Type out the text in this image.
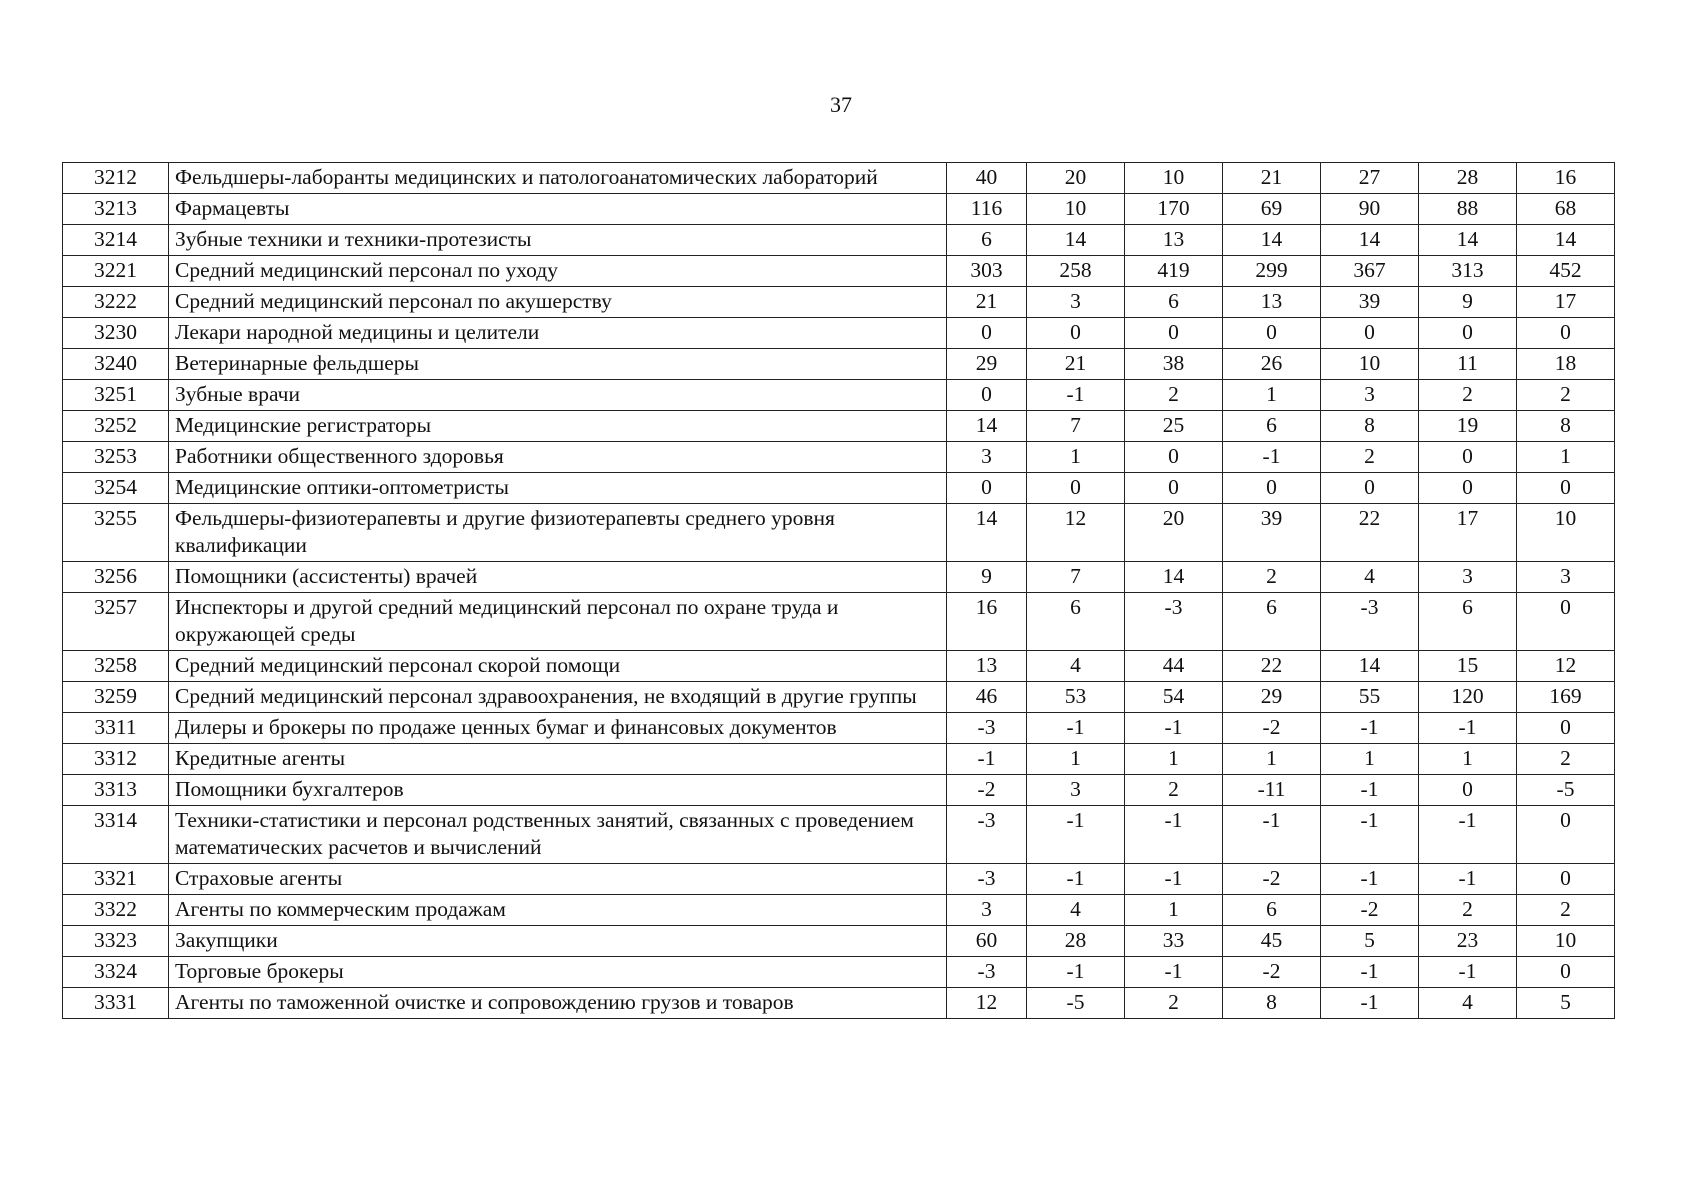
37
3212	Фельдшеры-лаборанты медицинских и патологоанатомических лабораторий	40	20	10	21	27	28	16
3213	Фармацевты	116	10	170	69	90	88	68
3214	Зубные техники и техники-протезисты	6	14	13	14	14	14	14
3221	Средний медицинский персонал по уходу	303	258	419	299	367	313	452
3222	Средний медицинский персонал по акушерству	21	3	6	13	39	9	17
3230	Лекари народной медицины и целители	0	0	0	0	0	0	0
3240	Ветеринарные фельдшеры	29	21	38	26	10	11	18
3251	Зубные врачи	0	-1	2	1	3	2	2
3252	Медицинские регистраторы	14	7	25	6	8	19	8
3253	Работники общественного здоровья	3	1	0	-1	2	0	1
3254	Медицинские оптики-оптометристы	0	0	0	0	0	0	0
3255	Фельдшеры-физиотерапевты и другие физиотерапевты среднего уровня квалификации	14	12	20	39	22	17	10
3256	Помощники (ассистенты) врачей	9	7	14	2	4	3	3
3257	Инспекторы и другой средний медицинский персонал по охране труда и окружающей среды	16	6	-3	6	-3	6	0
3258	Средний медицинский персонал скорой помощи	13	4	44	22	14	15	12
3259	Средний медицинский персонал здравоохранения, не входящий в другие группы	46	53	54	29	55	120	169
3311	Дилеры и брокеры по продаже ценных бумаг и финансовых документов	-3	-1	-1	-2	-1	-1	0
3312	Кредитные агенты	-1	1	1	1	1	1	2
3313	Помощники бухгалтеров	-2	3	2	-11	-1	0	-5
3314	Техники-статистики и персонал родственных занятий, связанных с проведением математических расчетов и вычислений	-3	-1	-1	-1	-1	-1	0
3321	Страховые агенты	-3	-1	-1	-2	-1	-1	0
3322	Агенты по коммерческим продажам	3	4	1	6	-2	2	2
3323	Закупщики	60	28	33	45	5	23	10
3324	Торговые брокеры	-3	-1	-1	-2	-1	-1	0
3331	Агенты по таможенной очистке и сопровождению грузов и товаров	12	-5	2	8	-1	4	5
